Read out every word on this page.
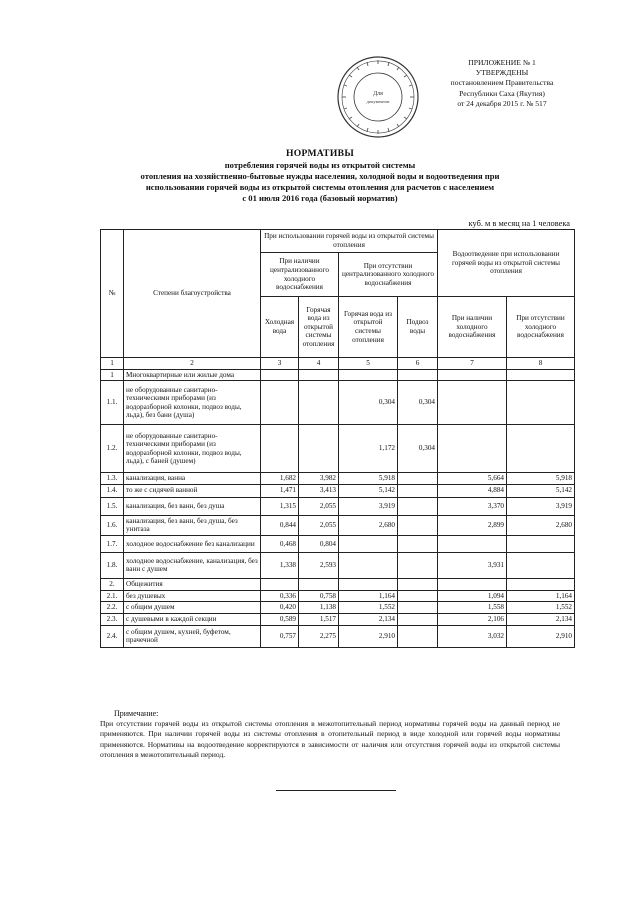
Для
документов
ПРИЛОЖЕНИЕ № 1
УТВЕРЖДЕНЫ
постановлением Правительства
Республики Саха (Якутия)
от 24 декабря 2015 г. № 517
НОРМАТИВЫ
потребления горячей воды из открытой системы
отопления на хозяйственно-бытовые нужды населения, холодной воды и водоотведения при
использовании горячей воды из открытой системы отопления для расчетов с населением
с 01 июля 2016 года (базовый норматив)
куб. м в месяц на 1 человека
№	Степени благоустройства	При использовании горячей воды из открытой системы отопления				Водоотведение при использовании горячей воды из открытой системы отопления	
		При наличии централизованного холодного водоснабжения		При отсутствии централизованного холодного водоснабжения			
		Холодная вода	Горячая вода из открытой системы отопления	Горячая вода из открытой системы отопления	Подвоз воды	При наличии холодного водоснабжения	При отсутствии холодного водоснабжения
1	2	3	4	5	6	7	8
1	Многоквартирные или жилые дома						
1.1.	не оборудованные санитарно-техническими приборами (из водоразборной колонки, подвоз воды, льда), без бани (душа)			0,304	0,304		
1.2.	не оборудованные санитарно-техническими приборами (из водоразборной колонки, подвоз воды, льда), с баней (душем)			1,172	0,304		
1.3.	канализация, ванна	1,682	3,982	5,918		5,664	5,918
1.4.	то же с сидячей ванной	1,471	3,413	5,142		4,884	5,142
1.5.	канализация, без ванн, без душа	1,315	2,055	3,919		3,370	3,919
1.6.	канализация, без ванн, без душа, без унитаза	0,844	2,055	2,680		2,899	2,680
1.7.	холодное водоснабжение без канализации	0,468	0,804				
1.8.	холодное водоснабжение, канализация, без ванн с душем	1,338	2,593			3,931	
2.	Общежития						
2.1.	без душевых	0,336	0,758	1,164		1,094	1,164
2.2.	с общим душем	0,420	1,138	1,552		1,558	1,552
2.3.	с душевыми в каждой секции	0,589	1,517	2,134		2,106	2,134
2.4.	с общим душем, кухней, буфетом, прачечной	0,757	2,275	2,910		3,032	2,910
Примечание:
При отсутствии горячей воды из открытой системы отопления в межотопительный период нормативы горячей воды на данный период не применяются. При наличии горячей воды из системы отопления в отопительный период в виде холодной или горячей воды нормативы применяются. Нормативы на водоотведение корректируются в зависимости от наличия или отсутствия горячей воды из открытой системы отопления в межотопительный период.
